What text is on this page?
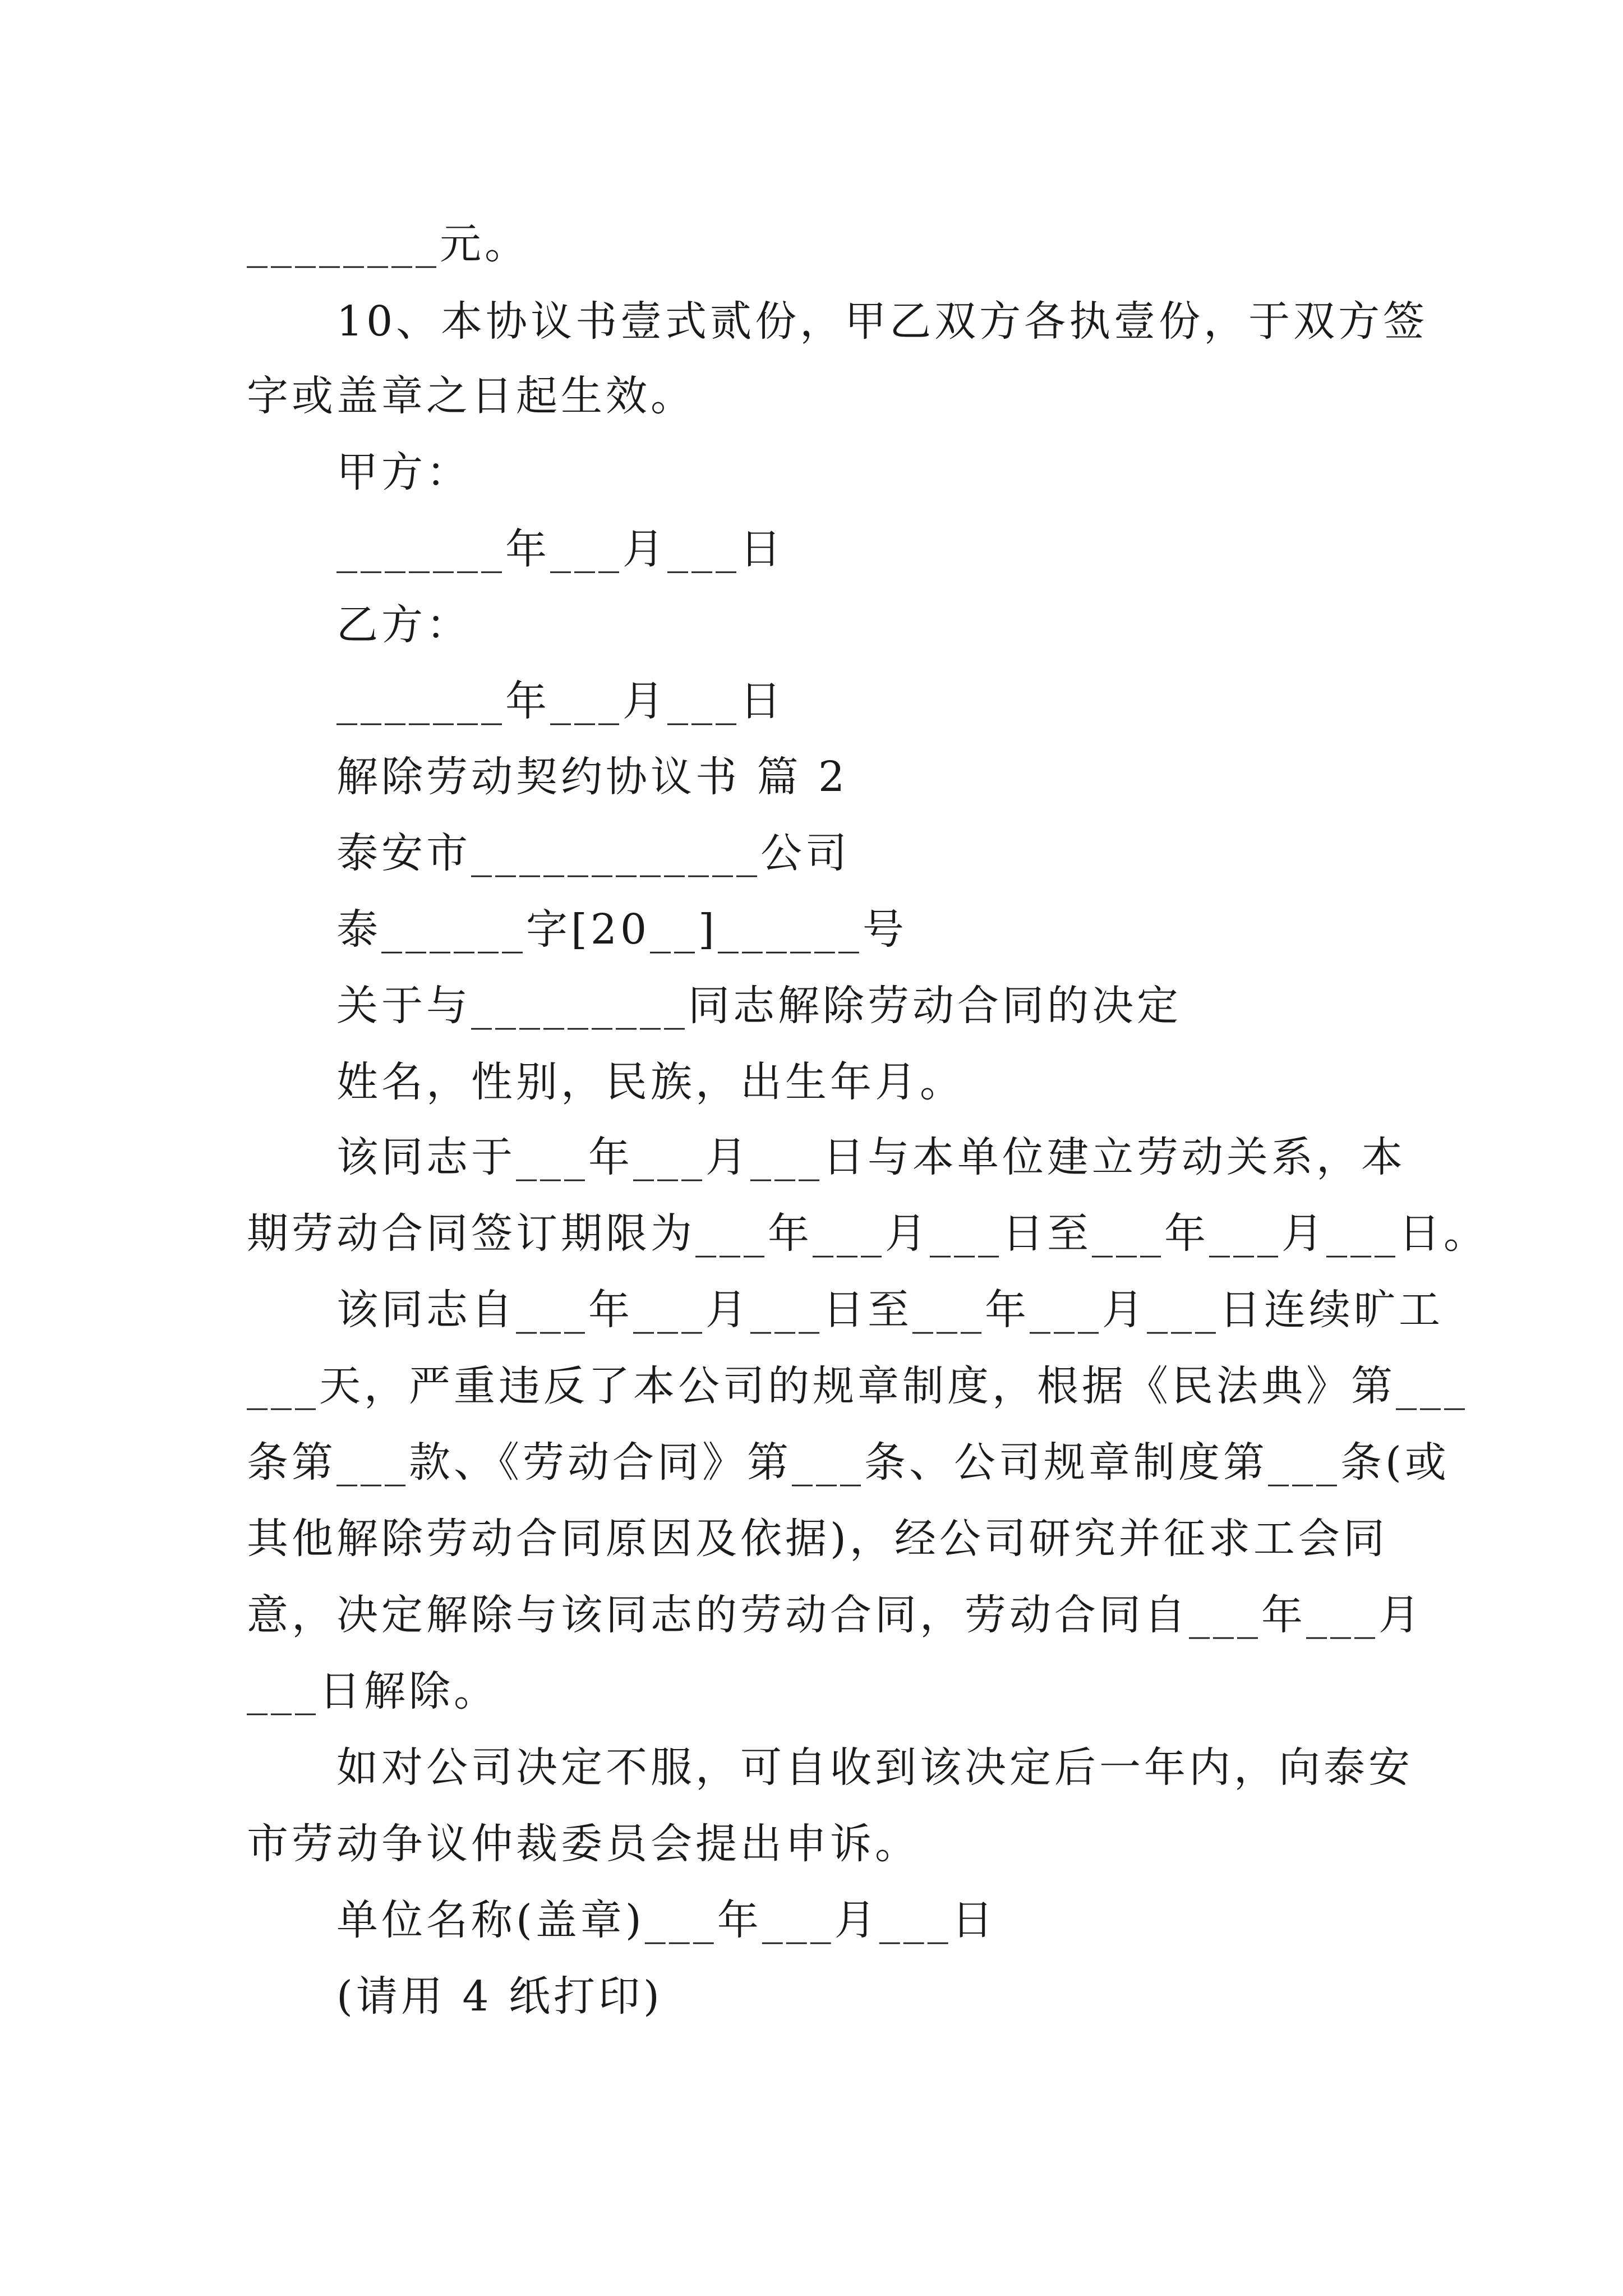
________元。
10、本协议书壹式贰份，甲乙双方各执壹份，于双方签
字或盖章之日起生效。
甲方：
_______年___月___日
乙方：
_______年___月___日
解除劳动契约协议书 篇 2
泰安市____________公司
泰______字[20__]______号
关于与_________同志解除劳动合同的决定
姓名，性别，民族，出生年月。
该同志于___年___月___日与本单位建立劳动关系，本
期劳动合同签订期限为___年___月___日至___年___月___日。
该同志自___年___月___日至___年___月___日连续旷工
___天，严重违反了本公司的规章制度，根据《民法典》第___
条第___款、《劳动合同》第___条、公司规章制度第___条(或
其他解除劳动合同原因及依据)，经公司研究并征求工会同
意，决定解除与该同志的劳动合同，劳动合同自___年___月
___日解除。
如对公司决定不服，可自收到该决定后一年内，向泰安
市劳动争议仲裁委员会提出申诉。
单位名称(盖章)___年___月___日
(请用 4 纸打印)
